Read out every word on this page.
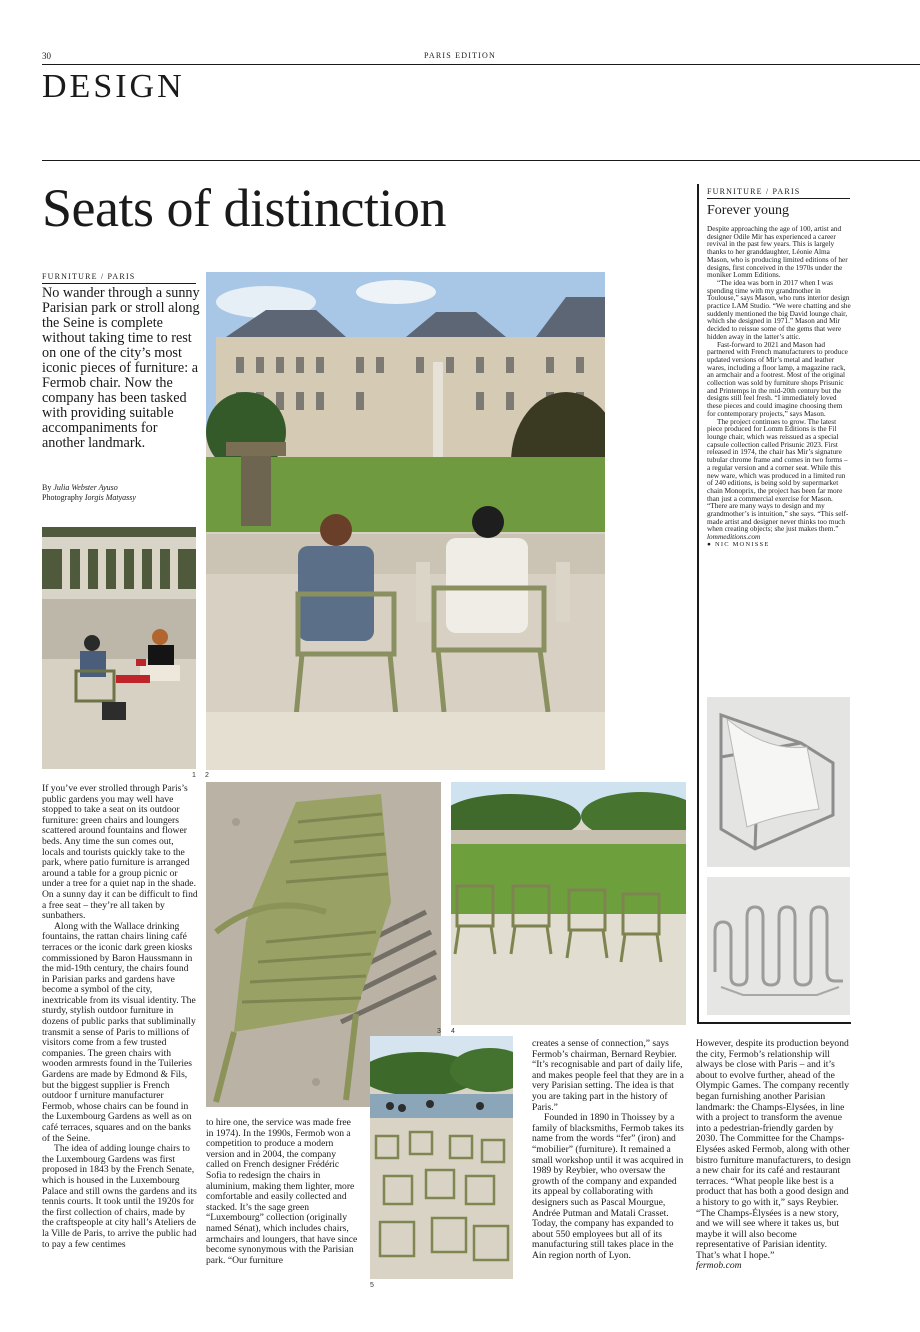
30	PARIS EDITION
DESIGN
Seats of distinction
FURNITURE / PARIS
No wander through a sunny Parisian park or stroll along the Seine is complete without taking time to rest on one of the city’s most iconic pieces of furniture: a Fermob chair. Now the company has been tasked with providing suitable accompaniments for another landmark.
By Julia Webster Ayuso
Photography Iorgis Matyassy
1 2
FURNITURE / PARIS
Forever young

Despite approaching the age of 100, artist and designer Odile Mir has experienced a career revival in the past few years. This is largely thanks to her granddaughter, Léonie Alma Mason, who is producing limited editions of her designs, first conceived in the 1970s under the moniker Lomm Editions.

“The idea was born in 2017 when I was spending time with my grandmother in Toulouse,” says Mason, who runs interior design practice LAM Studio. “We were chatting and she suddenly mentioned the big David lounge chair, which she designed in 1971.” Mason and Mir decided to reissue some of the gems that were hidden away in the latter’s attic.

Fast-forward to 2021 and Mason had partnered with French manufacturers to produce updated versions of Mir’s metal and leather wares, including a floor lamp, a magazine rack, an armchair and a footrest. Most of the original collection was sold by furniture shops Prisunic and Printemps in the mid-20th century but the designs still feel fresh. “I immediately loved these pieces and could imagine choosing them for contemporary projects,” says Mason.

The project continues to grow. The latest piece produced for Lomm Editions is the Fil lounge chair, which was reissued as a special capsule collection called Prisunic 2023. First released in 1974, the chair has Mir’s signature tubular chrome frame and comes in two forms – a regular version and a corner seat. While this new ware, which was produced in a limited run of 240 editions, is being sold by supermarket chain Monoprix, the project has been far more than just a commercial exercise for Mason. “There are many ways to design and my grandmother’s is intuition,” she says. “This self-made artist and designer never thinks too much when creating objects; she just makes them.”

lommeditions.com
● NIC MONISSE
3 4
5

If you’ve ever strolled through Paris’s public gardens you may well have stopped to take a seat on its outdoor furniture: green chairs and loungers scattered around fountains and flower beds. Any time the sun comes out, locals and tourists quickly take to the park, where patio furniture is arranged around a table for a group picnic or under a tree for a quiet nap in the shade. On a sunny day it can be difficult to find a free seat – they’re all taken by sunbathers.

Along with the Wallace drinking fountains, the rattan chairs lining café terraces or the iconic dark green kiosks commissioned by Baron Haussmann in the mid-19th century, the chairs found in Parisian parks and gardens have become a symbol of the city, inextricable from its visual identity. The sturdy, stylish outdoor furniture in dozens of public parks that subliminally transmit a sense of Paris to millions of visitors come from a few trusted companies. The green chairs with wooden armrests found in the Tuileries Gardens are made by Edmond & Fils, but the biggest supplier is French outdoor f urniture manufacturer Fermob, whose chairs can be found in the Luxembourg Gardens as well as on café terraces, squares and on the banks of the Seine.

The idea of adding lounge chairs to the Luxembourg Gardens was first proposed in 1843 by the French Senate, which is housed in the Luxembourg Palace and still owns the gardens and its tennis courts. It took until the 1920s for the first collection of chairs, made by the craftspeople at city hall’s Ateliers de la Ville de Paris, to arrive the public had to pay a few centimes

to hire one, the service was made free in 1974). In the 1990s, Fermob won a competition to produce a modern version and in 2004, the company called on French designer Frédéric Sofia to redesign the chairs in aluminium, making them lighter, more comfortable and easily collected and stacked. It’s the sage green “Luxembourg” collection (originally named Sénat), which includes chairs, armchairs and loungers, that have since become synonymous with the Parisian park. “Our furniture

creates a sense of connection,” says Fermob’s chairman, Bernard Reybier. “It’s recognisable and part of daily life, and makes people feel that they are in a very Parisian setting. The idea is that you are taking part in the history of Paris.”

Founded in 1890 in Thoissey by a family of blacksmiths, Fermob takes its name from the words “fer” (iron) and “mobilier” (furniture). It remained a small workshop until it was acquired in 1989 by Reybier, who oversaw the growth of the company and expanded its appeal by collaborating with designers such as Pascal Mourgue, Andrée Putman and Matali Crasset. Today, the company has expanded to about 550 employees but all of its manufacturing still takes place in the Ain region north of Lyon.

However, despite its production beyond the city, Fermob’s relationship will always be close with Paris – and it’s about to evolve further, ahead of the Olympic Games. The company recently began furnishing another Parisian landmark: the Champs-Elysées, in line with a project to transform the avenue into a pedestrian-friendly garden by 2030. The Committee for the Champs-Elysées asked Fermob, along with other bistro furniture manufacturers, to design a new chair for its café and restaurant terraces. “What people like best is a product that has both a good design and a history to go with it,” says Reybier. “The Champs-Élysées is a new story, and we will see where it takes us, but maybe it will also become representative of Parisian identity. That’s what I hope.”

fermob.com
